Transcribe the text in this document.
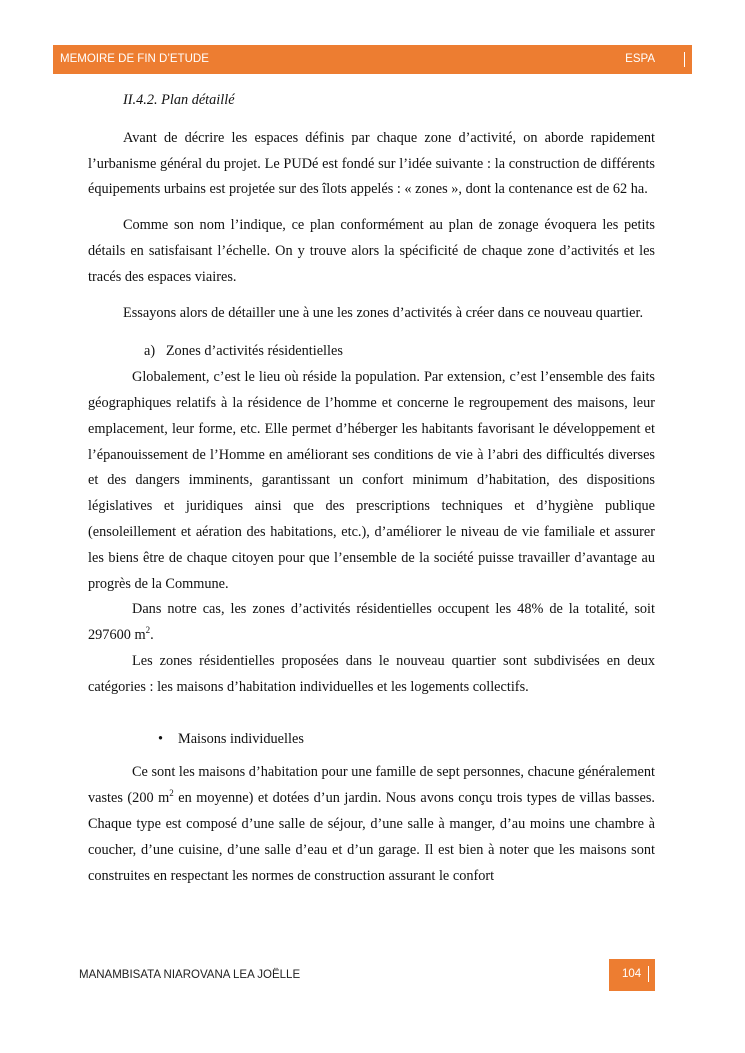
MEMOIRE DE FIN D’ETUDE	ESPA

II.4.2. Plan détaillé

Avant de décrire les espaces définis par chaque zone d’activité, on aborde rapidement l’urbanisme général du projet. Le PUDé est fondé sur l’idée suivante : la construction de différents équipements urbains est projetée sur des îlots appelés : « zones », dont la contenance est de 62 ha.

Comme son nom l’indique, ce plan conformément au plan de zonage évoquera les petits détails en satisfaisant l’échelle. On y trouve alors la spécificité de chaque zone d’activités et les tracés des espaces viaires.

Essayons alors de détailler une à une les zones d’activités à créer dans ce nouveau quartier.

a)   Zones d’activités résidentielles

Globalement, c’est le lieu où réside la population. Par extension, c’est l’ensemble des faits géographiques relatifs à la résidence de l’homme et concerne le regroupement des maisons, leur emplacement, leur forme, etc. Elle permet d’héberger les habitants favorisant le développement et l’épanouissement de l’Homme en améliorant ses conditions de vie à l’abri des difficultés diverses et des dangers imminents, garantissant un confort minimum d’habitation, des dispositions législatives et juridiques ainsi que des prescriptions techniques et d’hygiène publique (ensoleillement et aération des habitations, etc.), d’améliorer le niveau de vie familiale et assurer les biens être de chaque citoyen pour que l’ensemble de la société puisse travailler d’avantage au progrès de la Commune.

Dans notre cas, les zones d’activités résidentielles occupent les 48% de la totalité, soit 297600 $m^2$.

Les zones résidentielles proposées dans le nouveau quartier sont subdivisées en deux catégories : les maisons d’habitation individuelles et les logements collectifs.

• Maisons individuelles

Ce sont les maisons d’habitation pour une famille de sept personnes, chacune généralement vastes (200 $m^2$ en moyenne) et dotées d’un jardin. Nous avons conçu trois types de villas basses. Chaque type est composé d’une salle de séjour, d’une salle à manger, d’au moins une chambre à coucher, d’une cuisine, d’une salle d’eau et d’un garage. Il est bien à noter que les maisons sont construites en respectant les normes de construction assurant le confort

MANAMBISATA NIAROVANA LEA JOËLLE	104
